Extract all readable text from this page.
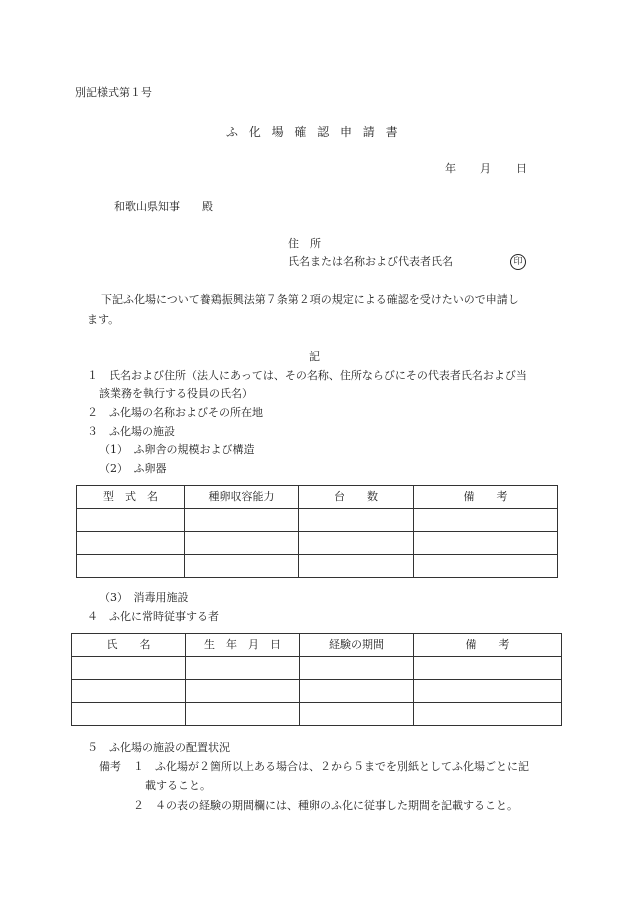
別記様式第１号
ふ化場確認申請書
年 月 日
和歌山県知事　　殿
住　所
氏名または名称および代表者氏名	印
下記ふ化場について養鶏振興法第７条第２項の規定による確認を受けたいので申請し
ます。
記
１　氏名および住所（法人にあっては、その名称、住所ならびにその代表者氏名および当
該業務を執行する役員の氏名）
２　ふ化場の名称およびその所在地
３　ふ化場の施設
（1）　ふ卵舎の規模および構造
（2）　ふ卵器
型　式　名	種卵収容能力	台　　数	備　　考

（3）　消毒用施設
４　ふ化に常時従事する者
氏　　名	生　年　月　日	経験の期間	備　　考

５　ふ化場の施設の配置状況
備考 １　ふ化場が２箇所以上ある場合は、２から５までを別紙としてふ化場ごとに記
載すること。
２　４の表の経験の期間欄には、種卵のふ化に従事した期間を記載すること。
